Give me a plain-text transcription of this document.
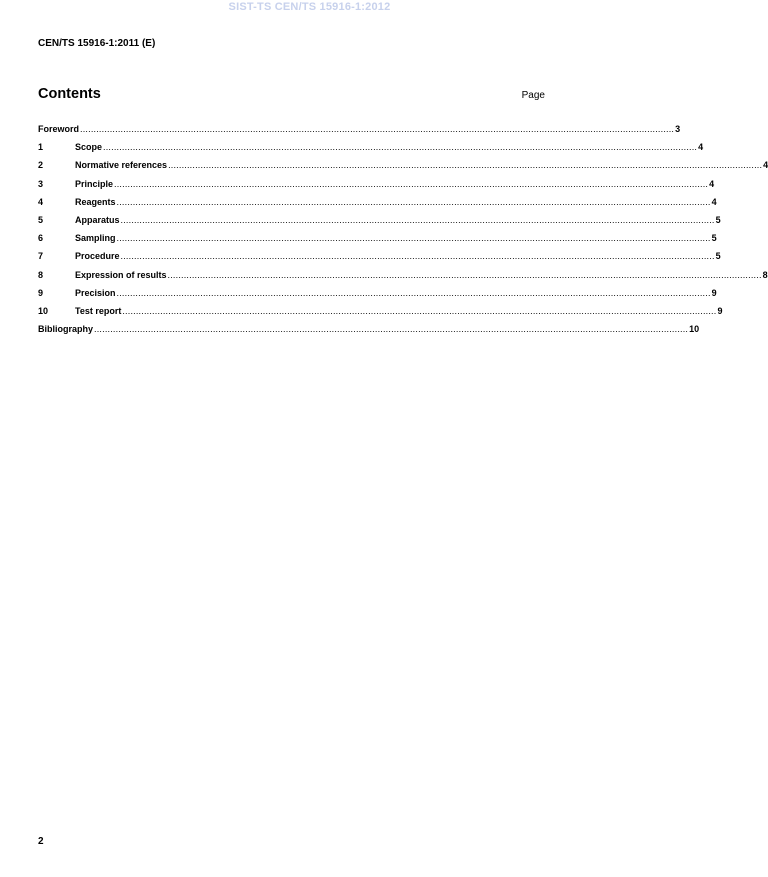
SIST-TS CEN/TS 15916-1:2012
CEN/TS 15916-1:2011 (E)
Contents	Page
Foreword ............................................................................................................................................................................................................................ 3
1	Scope ............................................................................................................................................................................................................................ 4
2	Normative references ............................................................................................................................................................................................................................ 4
3	Principle ............................................................................................................................................................................................................................ 4
4	Reagents ............................................................................................................................................................................................................................ 4
5	Apparatus ............................................................................................................................................................................................................................ 5
6	Sampling ............................................................................................................................................................................................................................ 5
7	Procedure ............................................................................................................................................................................................................................ 5
8	Expression of results ............................................................................................................................................................................................................................ 8
9	Precision ............................................................................................................................................................................................................................ 9
10	Test report ............................................................................................................................................................................................................................ 9
Bibliography ............................................................................................................................................................................................................................ 10
2
